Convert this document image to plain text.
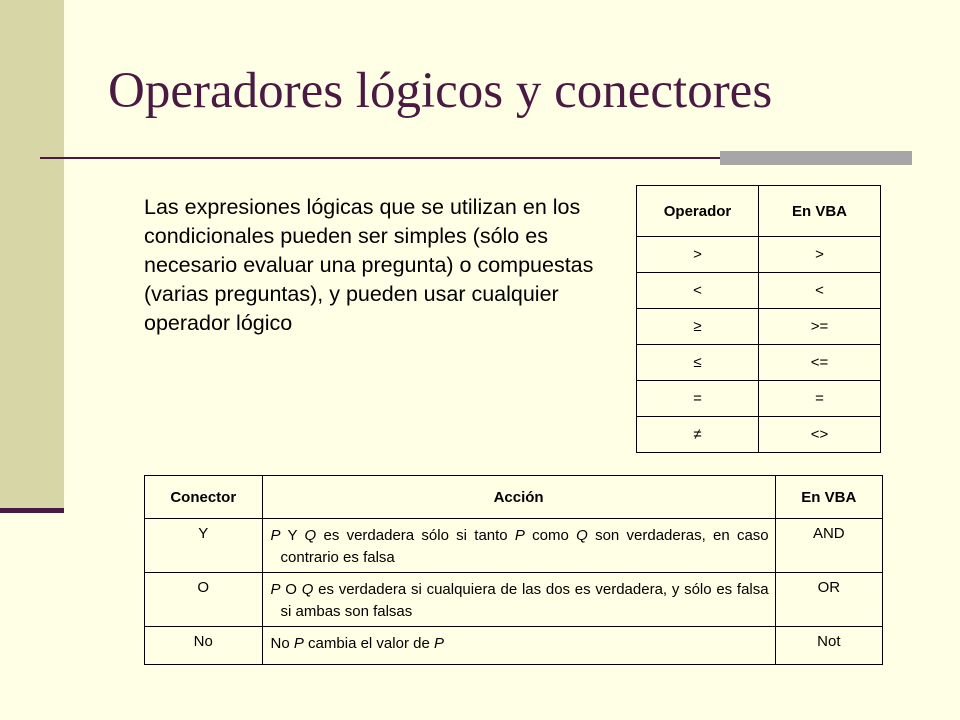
Operadores lógicos y conectores
Las expresiones lógicas que se utilizan en los condicionales pueden ser simples (sólo es necesario evaluar una pregunta) o compuestas (varias preguntas), y pueden usar cualquier operador lógico
Operador	En VBA
>	>
<	<
≥	>=
≤	<=
=	=
≠	<>
Conector	Acción	En VBA
Y	P Y Q es verdadera sólo si tanto P como Q son verdaderas, en caso contrario es falsa	AND
O	P O Q es verdadera si cualquiera de las dos es verdadera, y sólo es falsa si ambas son falsas	OR
No	No P cambia el valor de P	Not
